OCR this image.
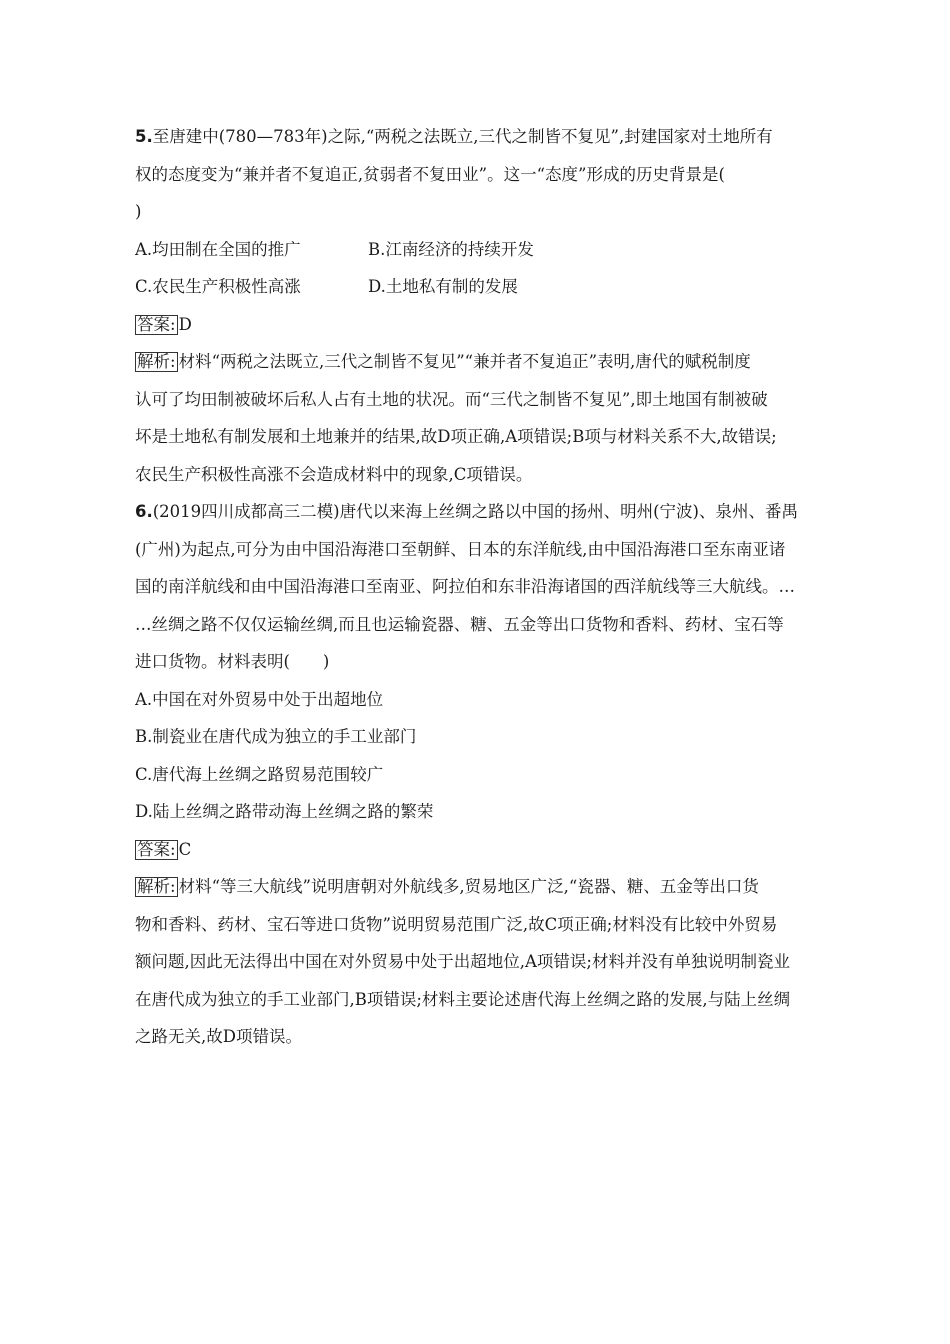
5.至唐建中(780—783年)之际,“两税之法既立,三代之制皆不复见”,封建国家对土地所有
权的态度变为“兼并者不复追正,贫弱者不复田业”。这一“态度”形成的历史背景是(
)
A.均田制在全国的推广	B.江南经济的持续开发
C.农民生产积极性高涨	D.土地私有制的发展
答案: D
解析: 材料“两税之法既立,三代之制皆不复见”“兼并者不复追正”表明,唐代的赋税制度
认可了均田制被破坏后私人占有土地的状况。而“三代之制皆不复见”,即土地国有制被破
坏是土地私有制发展和土地兼并的结果,故D项正确,A项错误;B项与材料关系不大,故错误;
农民生产积极性高涨不会造成材料中的现象,C项错误。
6.(2019四川成都高三二模)唐代以来海上丝绸之路以中国的扬州、明州(宁波)、泉州、番禺
(广州)为起点,可分为由中国沿海港口至朝鲜、日本的东洋航线,由中国沿海港口至东南亚诸
国的南洋航线和由中国沿海港口至南亚、阿拉伯和东非沿海诸国的西洋航线等三大航线。…
…丝绸之路不仅仅运输丝绸,而且也运输瓷器、糖、五金等出口货物和香料、药材、宝石等
进口货物。材料表明(　　)
A.中国在对外贸易中处于出超地位
B.制瓷业在唐代成为独立的手工业部门
C.唐代海上丝绸之路贸易范围较广
D.陆上丝绸之路带动海上丝绸之路的繁荣
答案: C
解析: 材料“等三大航线”说明唐朝对外航线多,贸易地区广泛,“瓷器、糖、五金等出口货
物和香料、药材、宝石等进口货物”说明贸易范围广泛,故C项正确;材料没有比较中外贸易
额问题,因此无法得出中国在对外贸易中处于出超地位,A项错误;材料并没有单独说明制瓷业
在唐代成为独立的手工业部门,B项错误;材料主要论述唐代海上丝绸之路的发展,与陆上丝绸
之路无关,故D项错误。
